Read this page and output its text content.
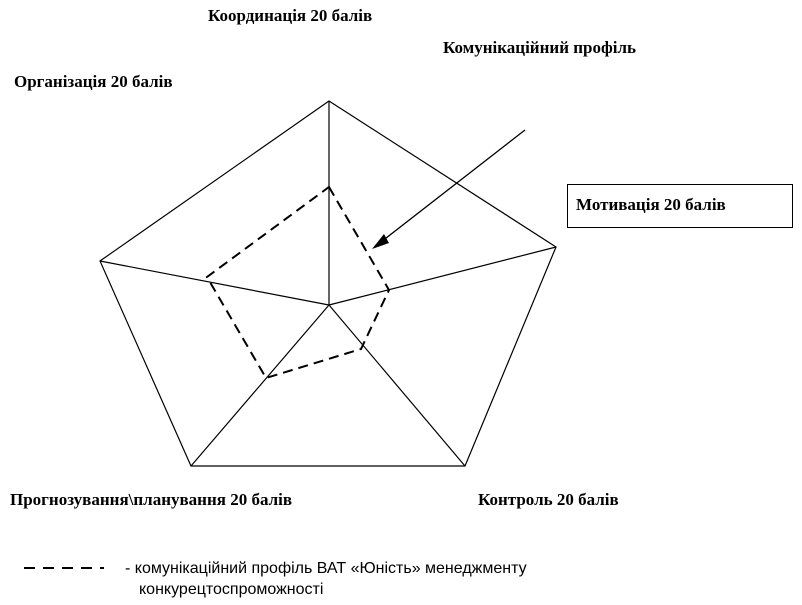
Координація 20 балів
Комунікаційний профіль
Організація 20 балів
Мотивація 20 балів
Прогнозування\планування 20 балів	Контроль 20 балів
- комунікаційний профіль ВАТ «Юність» менеджменту
конкурецтоспроможності
